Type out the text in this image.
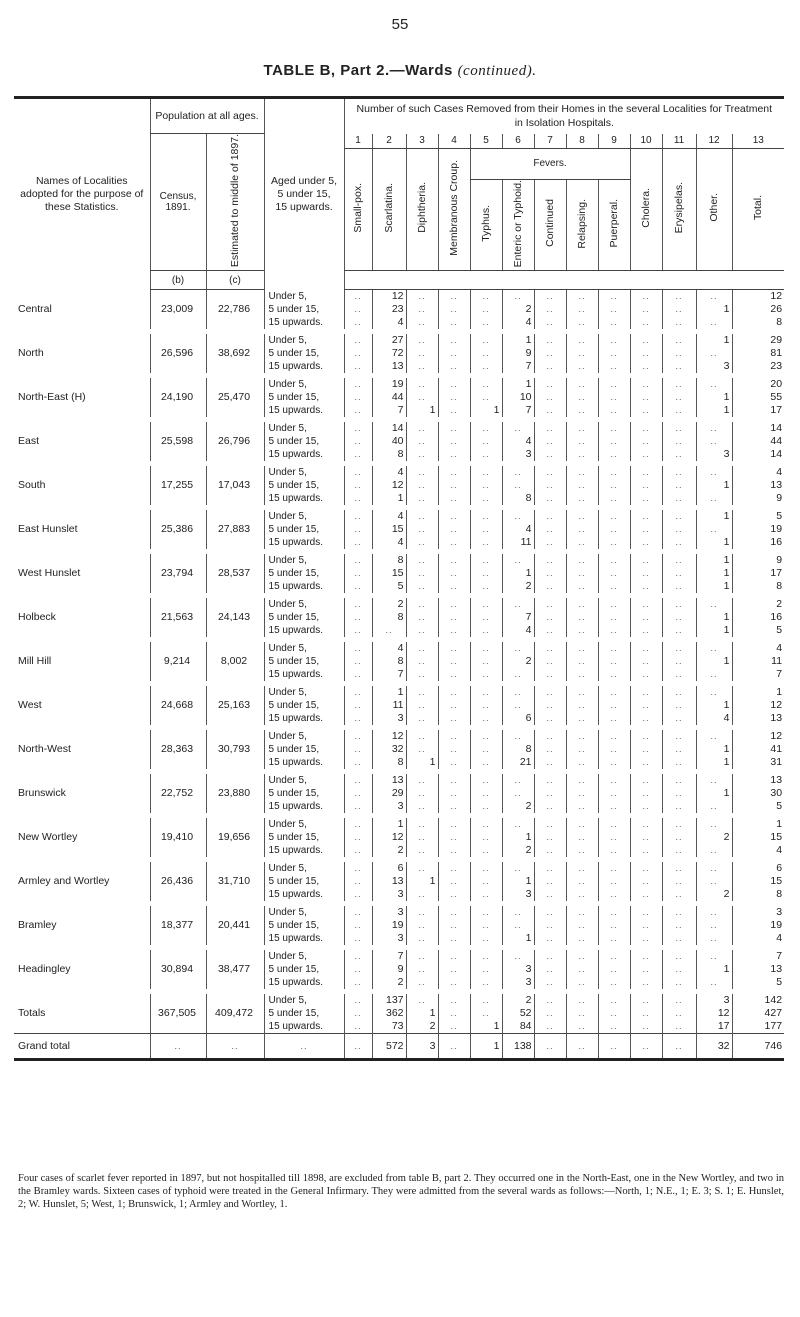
55
TABLE B, Part 2.—Wards (continued).
Names of Localities adopted for the purpose of these Statistics.	Population at all ages.		Aged under 5, 5 under 15, 15 upwards.	Number of such Cases Removed from their Homes in the several Localities for Treatment in Isolation Hospitals.												
	Census, 1891.	Estimated to middle of 1897.		1	2	3	4	5	6	7	8	9	10	11	12	13
				Small-pox.	Scarlatina.	Diphtheria.	Membranous Croup.	Fevers.					Cholera.	Erysipelas.	Other.	Total.
								Typhus.	Enteric or Typhoid.	Continued	Relapsing.	Puerperal.				
	(b)	(c)														
			Under 5,	..	12	..	..	..	..	..	..	..	..	..	..	12
Central	23,009	22,786	5 under 15,	..	23	..	..	..	2	..	..	..	..	..	1	26
			15 upwards.	..	4	..	..	..	4	..	..	..	..	..	..	8

			Under 5,	..	27	..	..	..	1	..	..	..	..	..	1	29
North	26,596	38,692	5 under 15,	..	72	..	..	..	9	..	..	..	..	..	..	81
			15 upwards.	..	13	..	..	..	7	..	..	..	..	..	3	23

			Under 5,	..	19	..	..	..	1	..	..	..	..	..	..	20
North-East (H)	24,190	25,470	5 under 15,	..	44	..	..	..	10	..	..	..	..	..	1	55
			15 upwards.	..	7	1	..	1	7	..	..	..	..	..	1	17

			Under 5,	..	14	..	..	..	..	..	..	..	..	..	..	14
East	25,598	26,796	5 under 15,	..	40	..	..	..	4	..	..	..	..	..	..	44
			15 upwards.	..	8	..	..	..	3	..	..	..	..	..	3	14

			Under 5,	..	4	..	..	..	..	..	..	..	..	..	..	4
South	17,255	17,043	5 under 15,	..	12	..	..	..	..	..	..	..	..	..	1	13
			15 upwards.	..	1	..	..	..	8	..	..	..	..	..	..	9

			Under 5,	..	4	..	..	..	..	..	..	..	..	..	1	5
East Hunslet	25,386	27,883	5 under 15,	..	15	..	..	..	4	..	..	..	..	..	..	19
			15 upwards.	..	4	..	..	..	11	..	..	..	..	..	1	16

			Under 5,	..	8	..	..	..	..	..	..	..	..	..	1	9
West Hunslet	23,794	28,537	5 under 15,	..	15	..	..	..	1	..	..	..	..	..	1	17
			15 upwards.	..	5	..	..	..	2	..	..	..	..	..	1	8

			Under 5,	..	2	..	..	..	..	..	..	..	..	..	..	2
Holbeck	21,563	24,143	5 under 15,	..	8	..	..	..	7	..	..	..	..	..	1	16
			15 upwards.	..	..	..	..	..	4	..	..	..	..	..	1	5

			Under 5,	..	4	..	..	..	..	..	..	..	..	..	..	4
Mill Hill	9,214	8,002	5 under 15,	..	8	..	..	..	2	..	..	..	..	..	1	11
			15 upwards.	..	7	..	..	..	..	..	..	..	..	..	..	7

			Under 5,	..	1	..	..	..	..	..	..	..	..	..	..	1
West	24,668	25,163	5 under 15,	..	11	..	..	..	..	..	..	..	..	..	1	12
			15 upwards.	..	3	..	..	..	6	..	..	..	..	..	4	13

			Under 5,	..	12	..	..	..	..	..	..	..	..	..	..	12
North-West	28,363	30,793	5 under 15,	..	32	..	..	..	8	..	..	..	..	..	1	41
			15 upwards.	..	8	1	..	..	21	..	..	..	..	..	1	31

			Under 5,	..	13	..	..	..	..	..	..	..	..	..	..	13
Brunswick	22,752	23,880	5 under 15,	..	29	..	..	..	..	..	..	..	..	..	1	30
			15 upwards.	..	3	..	..	..	2	..	..	..	..	..	..	5

			Under 5,	..	1	..	..	..	..	..	..	..	..	..	..	1
New Wortley	19,410	19,656	5 under 15,	..	12	..	..	..	1	..	..	..	..	..	2	15
			15 upwards.	..	2	..	..	..	2	..	..	..	..	..	..	4

			Under 5,	..	6	..	..	..	..	..	..	..	..	..	..	6
Armley and Wortley	26,436	31,710	5 under 15,	..	13	1	..	..	1	..	..	..	..	..	..	15
			15 upwards.	..	3	..	..	..	3	..	..	..	..	..	2	8

			Under 5,	..	3	..	..	..	..	..	..	..	..	..	..	3
Bramley	18,377	20,441	5 under 15,	..	19	..	..	..	..	..	..	..	..	..	..	19
			15 upwards.	..	3	..	..	..	1	..	..	..	..	..	..	4

			Under 5,	..	7	..	..	..	..	..	..	..	..	..	..	7
Headingley	30,894	38,477	5 under 15,	..	9	..	..	..	3	..	..	..	..	..	1	13
			15 upwards.	..	2	..	..	..	3	..	..	..	..	..	..	5

			Under 5,	..	137	..	..	..	2	..	..	..	..	..	3	142
Totals	367,505	409,472	5 under 15,	..	362	1	..	..	52	..	..	..	..	..	12	427
			15 upwards.	..	73	2	..	1	84	..	..	..	..	..	17	177
Grand total	..	..	..	..	572	3	..	1	138	..	..	..	..	..	32	746
Four cases of scarlet fever reported in 1897, but not hospitalled till 1898, are excluded from table B, part 2. They occurred one in the North-East, one in the New Wortley, and two in the Bramley wards. Sixteen cases of typhoid were treated in the General Infirmary. They were admitted from the several wards as follows:—North, 1; N.E., 1; E. 3; S. 1; E. Hunslet, 2; W. Hunslet, 5; West, 1; Brunswick, 1; Armley and Wortley, 1.
